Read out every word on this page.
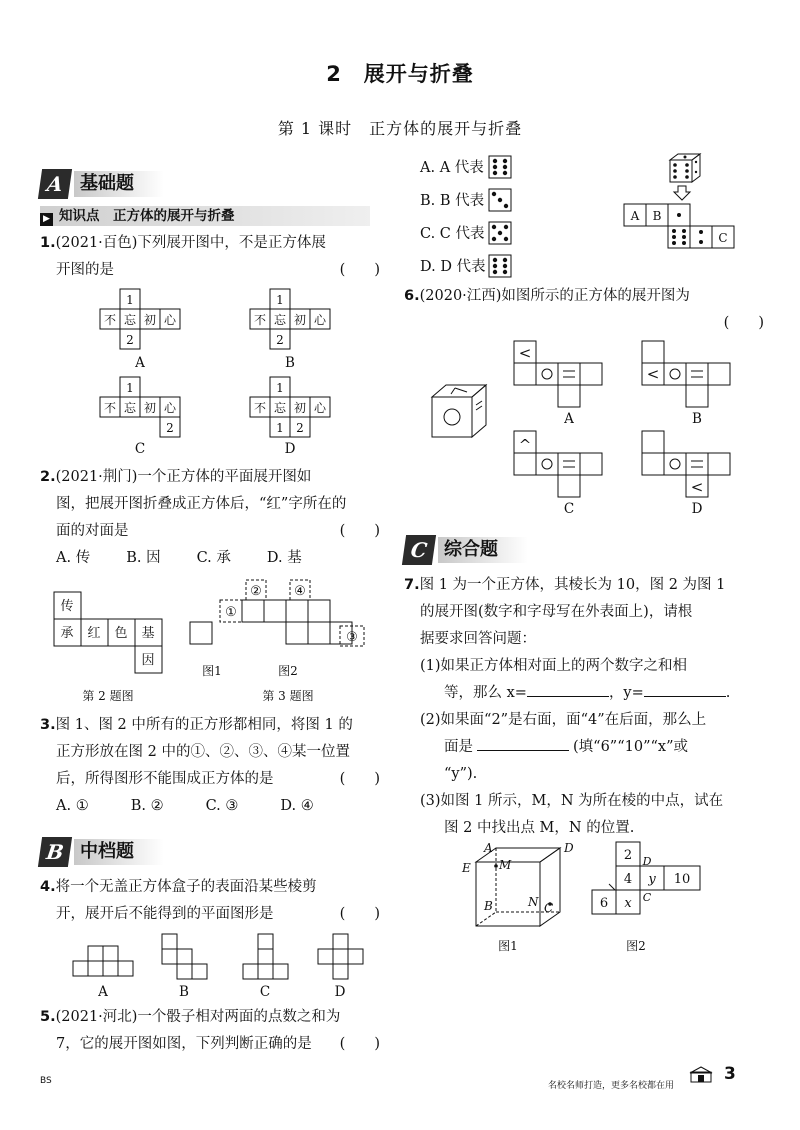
2　展开与折叠
第 1 课时　正方体的展开与折叠
A 基础题
▶ 知识点　 正方体的展开与折叠
1.(2021·百色)下列展开图中，不是正方体展
开图的是	(　　)
1
不 忘 初 心
2
1
不 忘 初 心
2
1
不 忘 初 心
2
不 忘 初 心
1 2
A	B
C	D
1
2.(2021·荆门)一个正方体的平面展开图如
图，把展开图折叠成正方体后，“红”字所在的
面的对面是	(　　)
A. 传 B. 因 C. 承 D. 基
传
承 红 色 基
因
①
② ④
③
图1	图2
第 2 题图	第 3 题图
3.图 1、图 2 中所有的正方形都相同，将图 1 的
正方形放在图 2 中的①、②、③、④某一位置
后，所得图形不能围成正方体的是	(　　)
A. ①	B. ②	C. ③	D. ④
B 中档题
4.将一个无盖正方体盒子的表面沿某些棱剪
开，展开后不能得到的平面图形是	(　　)
A	B	C	D
5.(2021·河北)一个骰子相对两面的点数之和为
7，它的展开图如图，下列判断正确的是 (　　)
A. A 代表
B. B 代表
C. C 代表
D. D 代表
A B
C
6.(2020·江西)如图所示的正方体的展开图为
(　　)
<
<
^
<
A	B
C	D
C 综合题
7.图 1 为一个正方体，其棱长为 10，图 2 为图 1
的展开图(数字和字母写在外表面上)，请根
据要求回答问题：
(1)如果正方体相对面上的两个数字之和相
等，那么 x=	，y=	.
(2)如果面“2”是右面，面“4”在后面，那么上
面是	(填“6”“10”“x”或
“y”).
(3)如图 1 所示，M，N 为所在棱的中点，试在
图 2 中找出点 M，N 的位置.
A	D
E M
B	N C
图1
2
4 y 10
6 x
D
C
图2
BS	名校名师打造，更多名校都在用
3
